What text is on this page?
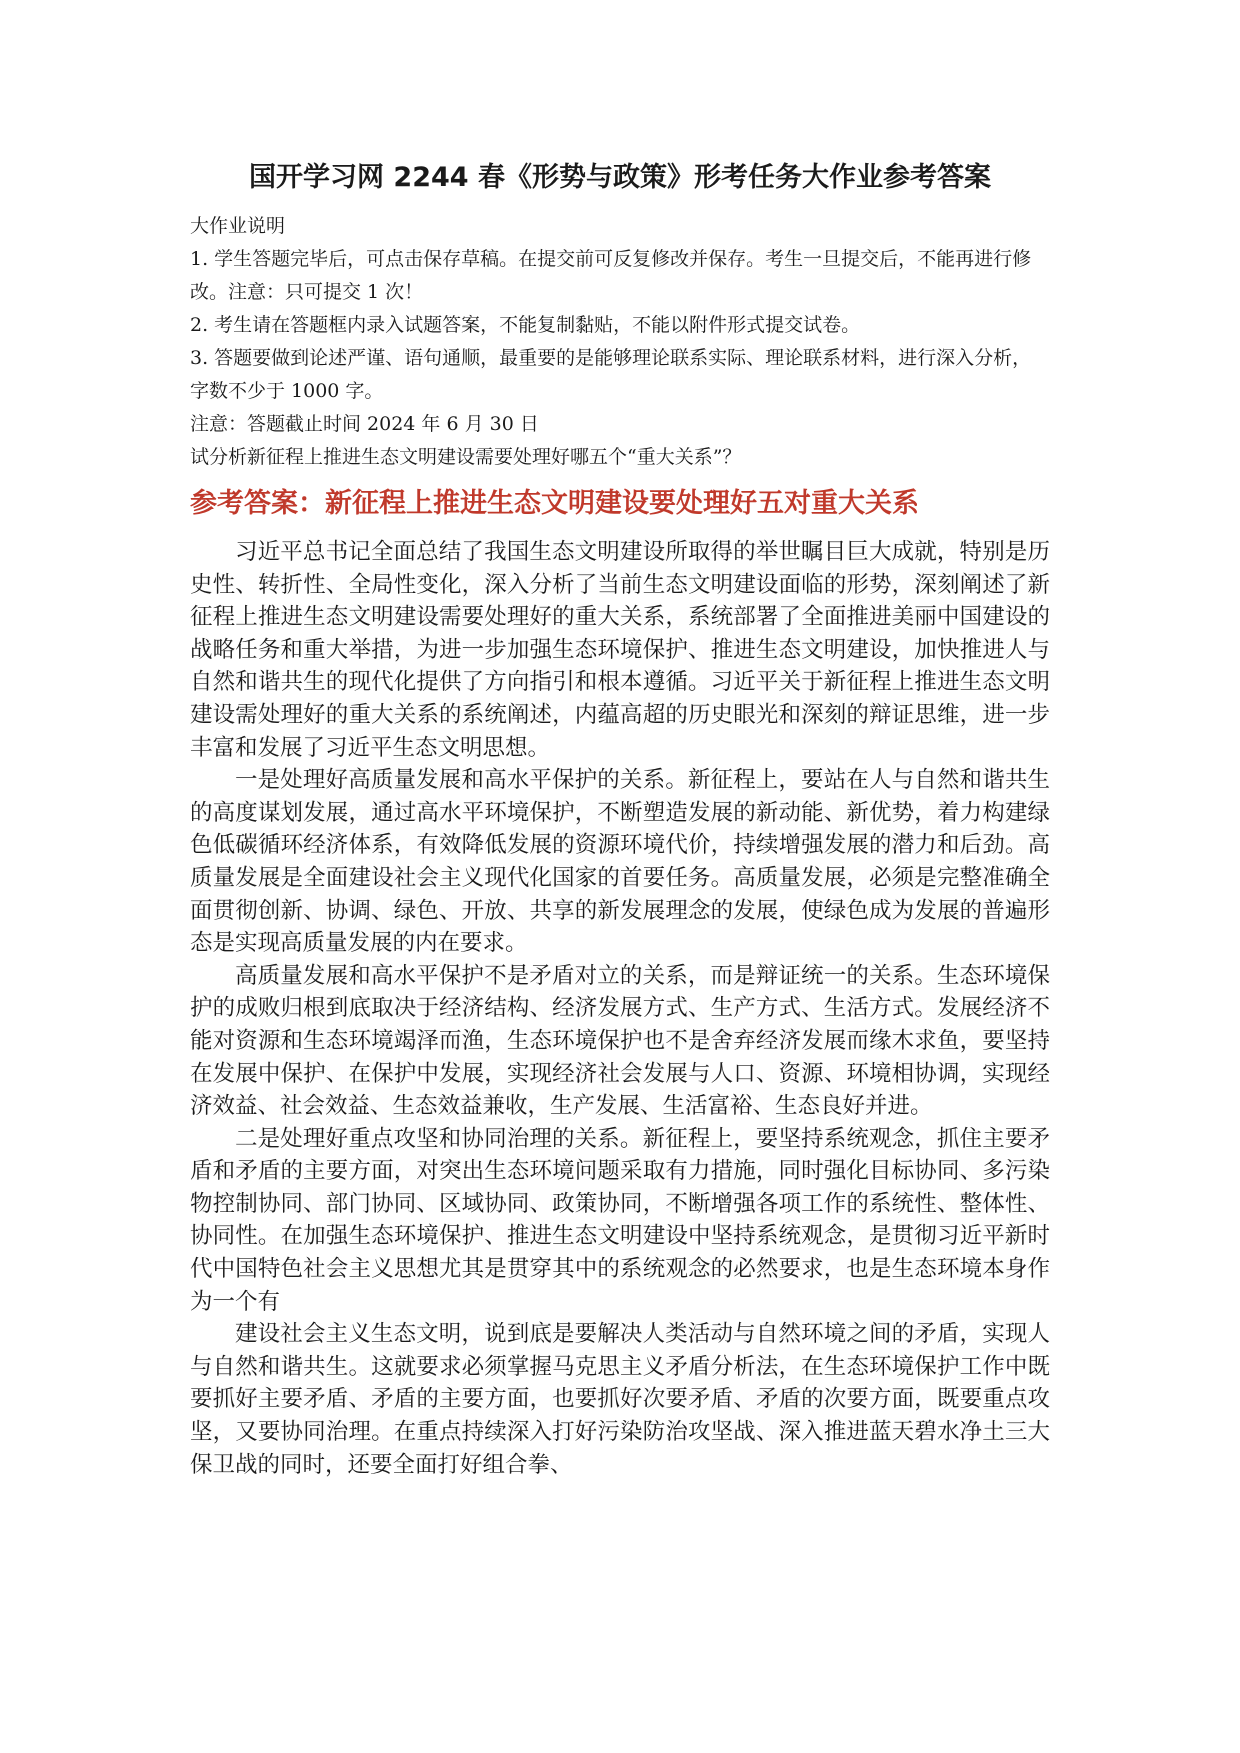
国开学习网 2244 春《形势与政策》形考任务大作业参考答案

大作业说明

1. 学生答题完毕后，可点击保存草稿。在提交前可反复修改并保存。考生一旦提交后，不能再进行修改。注意：只可提交 1 次！

2. 考生请在答题框内录入试题答案，不能复制黏贴，不能以附件形式提交试卷。

3. 答题要做到论述严谨、语句通顺，最重要的是能够理论联系实际、理论联系材料，进行深入分析，字数不少于 1000 字。

注意：答题截止时间 2024 年 6 月 30 日

试分析新征程上推进生态文明建设需要处理好哪五个“重大关系”？

参考答案：新征程上推进生态文明建设要处理好五对重大关系

习近平总书记全面总结了我国生态文明建设所取得的举世瞩目巨大成就，特别是历史性、转折性、全局性变化，深入分析了当前生态文明建设面临的形势，深刻阐述了新征程上推进生态文明建设需要处理好的重大关系，系统部署了全面推进美丽中国建设的战略任务和重大举措，为进一步加强生态环境保护、推进生态文明建设，加快推进人与自然和谐共生的现代化提供了方向指引和根本遵循。习近平关于新征程上推进生态文明建设需处理好的重大关系的系统阐述，内蕴高超的历史眼光和深刻的辩证思维，进一步丰富和发展了习近平生态文明思想。

一是处理好高质量发展和高水平保护的关系。新征程上，要站在人与自然和谐共生的高度谋划发展，通过高水平环境保护，不断塑造发展的新动能、新优势，着力构建绿色低碳循环经济体系，有效降低发展的资源环境代价，持续增强发展的潜力和后劲。高质量发展是全面建设社会主义现代化国家的首要任务。高质量发展，必须是完整准确全面贯彻创新、协调、绿色、开放、共享的新发展理念的发展，使绿色成为发展的普遍形态是实现高质量发展的内在要求。

高质量发展和高水平保护不是矛盾对立的关系，而是辩证统一的关系。生态环境保护的成败归根到底取决于经济结构、经济发展方式、生产方式、生活方式。发展经济不能对资源和生态环境竭泽而渔，生态环境保护也不是舍弃经济发展而缘木求鱼，要坚持在发展中保护、在保护中发展，实现经济社会发展与人口、资源、环境相协调，实现经济效益、社会效益、生态效益兼收，生产发展、生活富裕、生态良好并进。

二是处理好重点攻坚和协同治理的关系。新征程上，要坚持系统观念，抓住主要矛盾和矛盾的主要方面，对突出生态环境问题采取有力措施，同时强化目标协同、多污染物控制协同、部门协同、区域协同、政策协同，不断增强各项工作的系统性、整体性、协同性。在加强生态环境保护、推进生态文明建设中坚持系统观念，是贯彻习近平新时代中国特色社会主义思想尤其是贯穿其中的系统观念的必然要求，也是生态环境本身作为一个有

建设社会主义生态文明，说到底是要解决人类活动与自然环境之间的矛盾，实现人与自然和谐共生。这就要求必须掌握马克思主义矛盾分析法，在生态环境保护工作中既要抓好主要矛盾、矛盾的主要方面，也要抓好次要矛盾、矛盾的次要方面，既要重点攻坚，又要协同治理。在重点持续深入打好污染防治攻坚战、深入推进蓝天碧水净土三大保卫战的同时，还要全面打好组合拳、
